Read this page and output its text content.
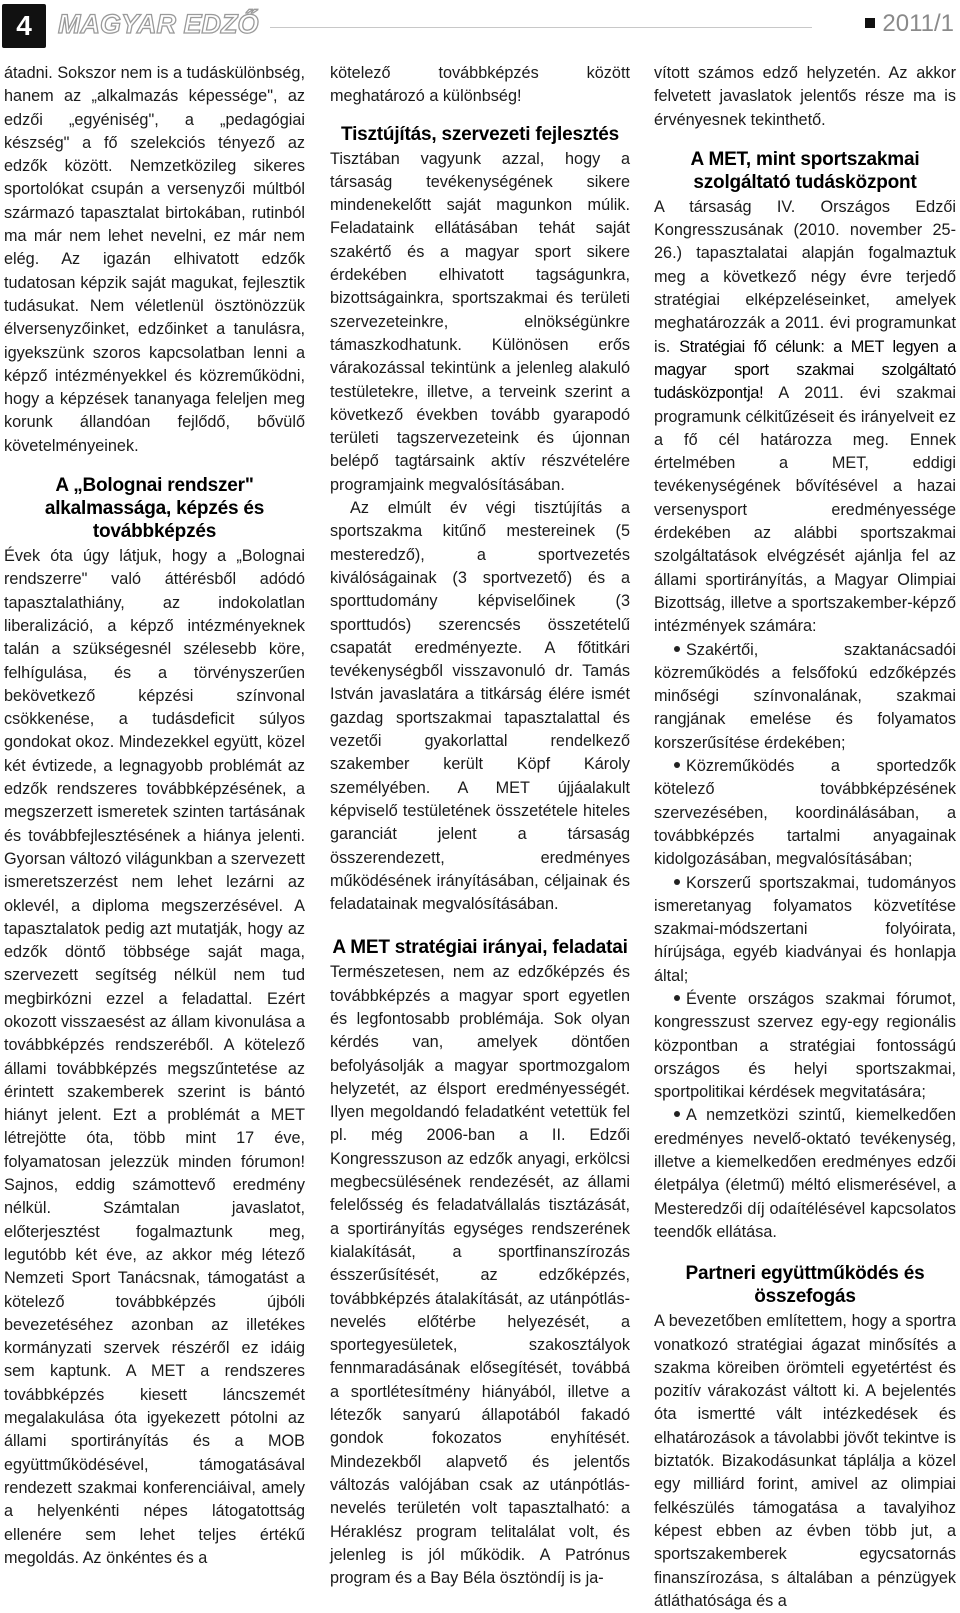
4 MAGYAR EDZŐ	2011/1

átadni. Sokszor nem is a tudáskülönbség, hanem az „alkalmazás képessége", az edzői „egyéniség", a „pedagógiai készség" a fő szelekciós tényező az edzők között. Nemzetközileg sikeres sportolókat csupán a versenyzői múltból származó tapasztalat birtokában, rutinból ma már nem lehet nevelni, ez már nem elég. Az igazán elhivatott edzők tudatosan képzik saját magukat, fejlesztik tudásukat. Nem véletlenül ösztönözzük élversenyzőinket, edzőinket a tanulásra, igyekszünk szoros kapcsolatban lenni a képző intézményekkel és közreműködni, hogy a képzések tananyaga feleljen meg korunk állandóan fejlődő, bővülő követelményeinek.

A „Bolognai rendszer" alkalmassága, képzés és továbbképzés

Évek óta úgy látjuk, hogy a „Bolognai rendszerre" való áttérésből adódó tapasztalathiány, az indokolatlan liberalizáció, a képző intézményeknek talán a szükségesnél szélesebb köre, felhígulása, és a törvényszerűen bekövetkező képzési színvonal csökkenése, a tudásdeficit súlyos gondokat okoz. Mindezekkel együtt, közel két évtizede, a legnagyobb problémát az edzők rendszeres továbbképzésének, a megszerzett ismeretek szinten tartásának és továbbfejlesztésének a hiánya jelenti. Gyorsan változó világunkban a szervezett ismeretszerzést nem lehet lezárni az oklevél, a diploma megszerzésével. A tapasztalatok pedig azt mutatják, hogy az edzők döntő többsége saját maga, szervezett segítség nélkül nem tud megbirkózni ezzel a feladattal. Ezért okozott visszaesést az állam kivonulása a továbbképzés rendszeréből. A kötelező állami továbbképzés megszűntetése az érintett szakemberek szerint is bántó hiányt jelent. Ezt a problémát a MET létrejötte óta, több mint 17 éve, folyamatosan jelezzük minden fórumon! Sajnos, eddig számottevő eredmény nélkül. Számtalan javaslatot, előterjesztést fogalmaztunk meg, legutóbb két éve, az akkor még létező Nemzeti Sport Tanácsnak, támogatást a kötelező továbbképzés újbóli bevezetéséhez azonban az illetékes kormányzati szervek részéről ez idáig sem kaptunk. A MET a rendszeres továbbképzés kiesett láncszemét megalakulása óta igyekezett pótolni az állami sportirányítás és a MOB együttműködésével, támogatásával rendezett szakmai konferenciáival, amely a helyenkénti népes látogatottság ellenére sem lehet teljes értékű megoldás. Az önkéntes és a

kötelező továbbképzés között meghatározó a különbség!

Tisztújítás, szervezeti fejlesztés

Tisztában vagyunk azzal, hogy a társaság tevékenységének sikere mindenekelőtt saját magunkon múlik. Feladataink ellátásában tehát saját szakértő és a magyar sport sikere érdekében elhivatott tagságunkra, bizottságainkra, sportszakmai és területi szervezeteinkre, elnökségünkre támaszkodhatunk. Különösen erős várakozással tekintünk a jelenleg alakuló testületekre, illetve, a terveink szerint a következő években tovább gyarapodó területi tagszervezeteink és újonnan belépő tagtársaink aktív részvételére programjaink megvalósításában.

Az elmúlt év végi tisztújítás a sportszakma kitűnő mestereinek (5 mesteredző), a sportvezetés kiválóságainak (3 sportvezető) és a sporttudomány képviselőinek (3 sporttudós) szerencsés összetételű csapatát eredményezte. A főtitkári tevékenységből visszavonuló dr. Tamás István javaslatára a titkárság élére ismét gazdag sportszakmai tapasztalattal és vezetői gyakorlattal rendelkező szakember került Köpf Károly személyében. A MET újjáalakult képviselő testületének összetétele hiteles garanciát jelent a társaság összerendezett, eredményes működésének irányításában, céljainak és feladatainak megvalósításában.

A MET stratégiai irányai, feladatai

Természetesen, nem az edzőképzés és továbbképzés a magyar sport egyetlen és legfontosabb problémája. Sok olyan kérdés van, amelyek döntően befolyásolják a magyar sportmozgalom helyzetét, az élsport eredményességét. Ilyen megoldandó feladatként vetettük fel pl. még 2006-ban a II. Edzői Kongresszuson az edzők anyagi, erkölcsi megbecsülésének rendezését, az állami felelősség és feladatvállalás tisztázását, a sportirányítás egységes rendszerének kialakítását, a sportfinanszírozás ésszerűsítését, az edzőképzés, továbbképzés átalakítását, az utánpótlás-nevelés előtérbe helyezését, a sportegyesületek, szakosztályok fennmaradásának elősegítését, továbbá a sportlétesítmény hiányából, illetve a létezők sanyarú állapotából fakadó gondok fokozatos enyhítését. Mindezekből alapvető és jelentős változás valójában csak az utánpótlás-nevelés területén volt tapasztalható: a Héraklész program telitalálat volt, és jelenleg is jól működik. A Patrónus program és a Bay Béla ösztöndíj is ja-

vított számos edző helyzetén. Az akkor felvetett javaslatok jelentős része ma is érvényesnek tekinthető.

A MET, mint sportszakmai szolgáltató tudásközpont

A társaság IV. Országos Edzői Kongresszusának (2010. november 25-26.) tapasztalatai alapján fogalmaztuk meg a következő négy évre terjedő stratégiai elképzeléseinket, amelyek meghatározzák a 2011. évi programunkat is. Stratégiai fő célunk: a MET legyen a magyar sport szakmai szolgáltató tudásközpontja! A 2011. évi szakmai programunk célkitűzéseit és irányelveit ez a fő cél határozza meg. Ennek értelmében a MET, eddigi tevékenységének bővítésével a hazai versenysport eredményessége érdekében az alábbi sportszakmai szolgáltatások elvégzését ajánlja fel az állami sportirányítás, a Magyar Olimpiai Bizottság, illetve a sportszakember-képző intézmények számára:

Szakértői, szaktanácsadói közreműködés a felsőfokú edzőképzés minőségi színvonalának, szakmai rangjának emelése és folyamatos korszerűsítése érdekében;
Közreműködés a sportedzők kötelező továbbképzésének szervezésében, koordinálásában, a továbbképzés tartalmi anyagainak kidolgozásában, megvalósításában;
Korszerű sportszakmai, tudományos ismeretanyag folyamatos közvetítése szakmai-módszertani folyóirata, hírújsága, egyéb kiadványai és honlapja által;
Évente országos szakmai fórumot, kongresszust szervez egy-egy regionális központban a stratégiai fontosságú országos és helyi sportszakmai, sportpolitikai kérdések megvitatására;
A nemzetközi szintű, kiemelkedően eredményes nevelő-oktató tevékenység, illetve a kiemelkedően eredményes edzői életpálya (életmű) méltó elismerésével, a Mesteredzői díj odaítélésével kapcsolatos teendők ellátása.
Partneri együttműködés és összefogás

A bevezetőben említettem, hogy a sportra vonatkozó stratégiai ágazat minősítés a szakma köreiben örömteli egyetértést és pozitív várakozást váltott ki. A bejelentés óta ismertté vált intézkedések és elhatározások a távolabbi jövőt tekintve is biztatók. Bizakodásunkat táplálja a közel egy milliárd forint, amivel az olimpiai felkészülés támogatása a tavalyihoz képest ebben az évben több jut, a sportszakemberek egycsatornás finanszírozása, s általában a pénzügyek átláthatósága és a
